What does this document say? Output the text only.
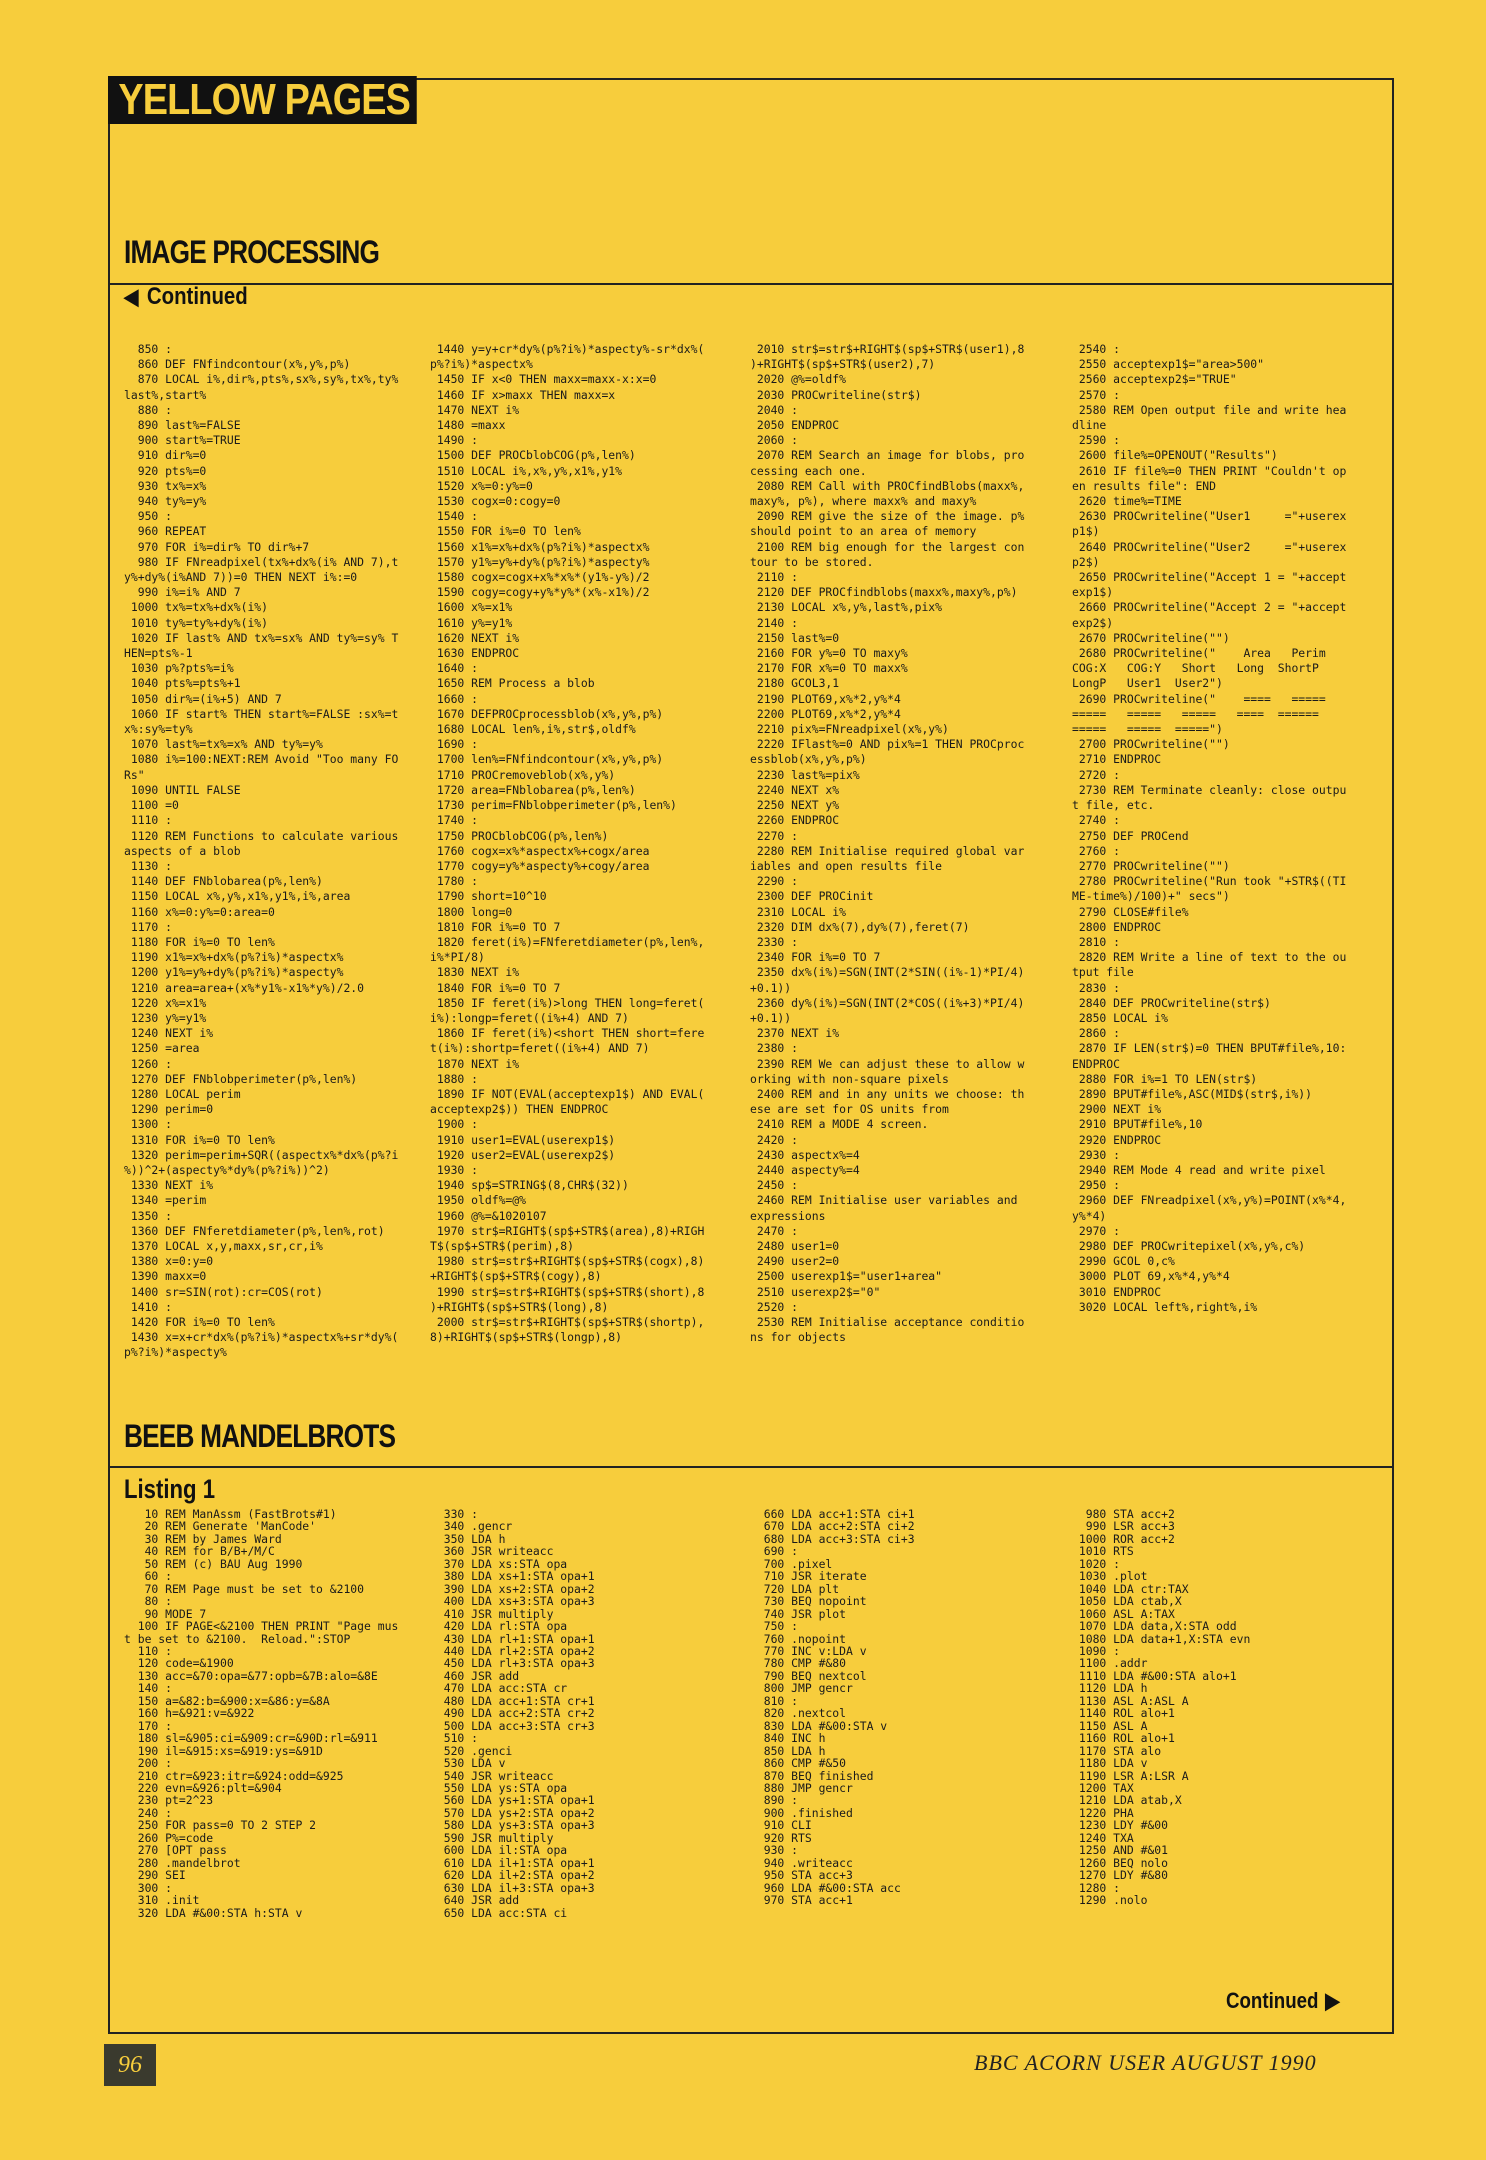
YELLOW PAGES
IMAGE PROCESSING
◀ Continued
850 :
860 DEF FNfindcontour(x%,y%,p%)
870 LOCAL i%,dir%,pts%,sx%,sy%,tx%,ty%
last%,start%
880 :
890 last%=FALSE
900 start%=TRUE
910 dir%=0
920 pts%=0
930 tx%=x%
940 ty%=y%
950 :
960 REPEAT
970 FOR i%=dir% TO dir%+7
980 IF FNreadpixel(tx%+dx%(i% AND 7),t
y%+dy%(i%AND 7))=0 THEN NEXT i%:=0
990 i%=i% AND 7
1000 tx%=tx%+dx%(i%)
1010 ty%=ty%+dy%(i%)
1020 IF last% AND tx%=sx% AND ty%=sy% T
HEN=pts%-1
1030 p%?pts%=i%
1040 pts%=pts%+1
1050 dir%=(i%+5) AND 7
1060 IF start% THEN start%=FALSE :sx%=t
x%:sy%=ty%
1070 last%=tx%=x% AND ty%=y%
1080 i%=100:NEXT:REM Avoid "Too many FO
Rs"
1090 UNTIL FALSE
1100 =0
1110 :
1120 REM Functions to calculate various
aspects of a blob
1130 :
1140 DEF FNblobarea(p%,len%)
1150 LOCAL x%,y%,x1%,y1%,i%,area
1160 x%=0:y%=0:area=0
1170 :
1180 FOR i%=0 TO len%
1190 x1%=x%+dx%(p%?i%)*aspectx%
1200 y1%=y%+dy%(p%?i%)*aspecty%
1210 area=area+(x%*y1%-x1%*y%)/2.0
1220 x%=x1%
1230 y%=y1%
1240 NEXT i%
1250 =area
1260 :
1270 DEF FNblobperimeter(p%,len%)
1280 LOCAL perim
1290 perim=0
1300 :
1310 FOR i%=0 TO len%
1320 perim=perim+SQR((aspectx%*dx%(p%?i
%))^2+(aspecty%*dy%(p%?i%))^2)
1330 NEXT i%
1340 =perim
1350 :
1360 DEF FNferetdiameter(p%,len%,rot)
1370 LOCAL x,y,maxx,sr,cr,i%
1380 x=0:y=0
1390 maxx=0
1400 sr=SIN(rot):cr=COS(rot)
1410 :
1420 FOR i%=0 TO len%
1430 x=x+cr*dx%(p%?i%)*aspectx%+sr*dy%(
p%?i%)*aspecty%
1440 y=y+cr*dy%(p%?i%)*aspecty%-sr*dx%(
p%?i%)*aspectx%
1450 IF x<0 THEN maxx=maxx-x:x=0
1460 IF x>maxx THEN maxx=x
1470 NEXT i%
1480 =maxx
1490 :
1500 DEF PROCblobCOG(p%,len%)
1510 LOCAL i%,x%,y%,x1%,y1%
1520 x%=0:y%=0
1530 cogx=0:cogy=0
1540 :
1550 FOR i%=0 TO len%
1560 x1%=x%+dx%(p%?i%)*aspectx%
1570 y1%=y%+dy%(p%?i%)*aspecty%
1580 cogx=cogx+x%*x%*(y1%-y%)/2
1590 cogy=cogy+y%*y%*(x%-x1%)/2
1600 x%=x1%
1610 y%=y1%
1620 NEXT i%
1630 ENDPROC
1640 :
1650 REM Process a blob
1660 :
1670 DEFPROCprocessblob(x%,y%,p%)
1680 LOCAL len%,i%,str$,oldf%
1690 :
1700 len%=FNfindcontour(x%,y%,p%)
1710 PROCremoveblob(x%,y%)
1720 area=FNblobarea(p%,len%)
1730 perim=FNblobperimeter(p%,len%)
1740 :
1750 PROCblobCOG(p%,len%)
1760 cogx=x%*aspectx%+cogx/area
1770 cogy=y%*aspecty%+cogy/area
1780 :
1790 short=10^10
1800 long=0
1810 FOR i%=0 TO 7
1820 feret(i%)=FNferetdiameter(p%,len%,
i%*PI/8)
1830 NEXT i%
1840 FOR i%=0 TO 7
1850 IF feret(i%)>long THEN long=feret(
i%):longp=feret((i%+4) AND 7)
1860 IF feret(i%)<short THEN short=fere
t(i%):shortp=feret((i%+4) AND 7)
1870 NEXT i%
1880 :
1890 IF NOT(EVAL(acceptexp1$) AND EVAL(
acceptexp2$)) THEN ENDPROC
1900 :
1910 user1=EVAL(userexp1$)
1920 user2=EVAL(userexp2$)
1930 :
1940 sp$=STRING$(8,CHR$(32))
1950 oldf%=@%
1960 @%=&1020107
1970 str$=RIGHT$(sp$+STR$(area),8)+RIGH
T$(sp$+STR$(perim),8)
1980 str$=str$+RIGHT$(sp$+STR$(cogx),8)
+RIGHT$(sp$+STR$(cogy),8)
1990 str$=str$+RIGHT$(sp$+STR$(short),8
)+RIGHT$(sp$+STR$(long),8)
2000 str$=str$+RIGHT$(sp$+STR$(shortp),
8)+RIGHT$(sp$+STR$(longp),8)
2010 str$=str$+RIGHT$(sp$+STR$(user1),8
)+RIGHT$(sp$+STR$(user2),7)
2020 @%=oldf%
2030 PROCwriteline(str$)
2040 :
2050 ENDPROC
2060 :
2070 REM Search an image for blobs, pro
cessing each one.
2080 REM Call with PROCfindBlobs(maxx%,
maxy%, p%), where maxx% and maxy%
2090 REM give the size of the image. p%
should point to an area of memory
2100 REM big enough for the largest con
tour to be stored.
2110 :
2120 DEF PROCfindblobs(maxx%,maxy%,p%)
2130 LOCAL x%,y%,last%,pix%
2140 :
2150 last%=0
2160 FOR y%=0 TO maxy%
2170 FOR x%=0 TO maxx%
2180 GCOL3,1
2190 PLOT69,x%*2,y%*4
2200 PLOT69,x%*2,y%*4
2210 pix%=FNreadpixel(x%,y%)
2220 IFlast%=0 AND pix%=1 THEN PROCproc
essblob(x%,y%,p%)
2230 last%=pix%
2240 NEXT x%
2250 NEXT y%
2260 ENDPROC
2270 :
2280 REM Initialise required global var
iables and open results file
2290 :
2300 DEF PROCinit
2310 LOCAL i%
2320 DIM dx%(7),dy%(7),feret(7)
2330 :
2340 FOR i%=0 TO 7
2350 dx%(i%)=SGN(INT(2*SIN((i%-1)*PI/4)
+0.1))
2360 dy%(i%)=SGN(INT(2*COS((i%+3)*PI/4)
+0.1))
2370 NEXT i%
2380 :
2390 REM We can adjust these to allow w
orking with non-square pixels
2400 REM and in any units we choose: th
ese are set for OS units from
2410 REM a MODE 4 screen.
2420 :
2430 aspectx%=4
2440 aspecty%=4
2450 :
2460 REM Initialise user variables and
expressions
2470 :
2480 user1=0
2490 user2=0
2500 userexp1$="user1+area"
2510 userexp2$="0"
2520 :
2530 REM Initialise acceptance conditio
ns for objects
2540 :
2550 acceptexp1$="area>500"
2560 acceptexp2$="TRUE"
2570 :
2580 REM Open output file and write hea
dline
2590 :
2600 file%=OPENOUT("Results")
2610 IF file%=0 THEN PRINT "Couldn't op
en results file": END
2620 time%=TIME
2630 PROCwriteline("User1     ="+userex
p1$)
2640 PROCwriteline("User2     ="+userex
p2$)
2650 PROCwriteline("Accept 1 = "+accept
exp1$)
2660 PROCwriteline("Accept 2 = "+accept
exp2$)
2670 PROCwriteline("")
2680 PROCwriteline("    Area   Perim
COG:X   COG:Y   Short   Long  ShortP
LongP   User1  User2")
2690 PROCwriteline("    ====   =====
=====   =====   =====   ====  ======
=====   =====  =====")
2700 PROCwriteline("")
2710 ENDPROC
2720 :
2730 REM Terminate cleanly: close outpu
t file, etc.
2740 :
2750 DEF PROCend
2760 :
2770 PROCwriteline("")
2780 PROCwriteline("Run took "+STR$((TI
ME-time%)/100)+" secs")
2790 CLOSE#file%
2800 ENDPROC
2810 :
2820 REM Write a line of text to the ou
tput file
2830 :
2840 DEF PROCwriteline(str$)
2850 LOCAL i%
2860 :
2870 IF LEN(str$)=0 THEN BPUT#file%,10:
ENDPROC
2880 FOR i%=1 TO LEN(str$)
2890 BPUT#file%,ASC(MID$(str$,i%))
2900 NEXT i%
2910 BPUT#file%,10
2920 ENDPROC
2930 :
2940 REM Mode 4 read and write pixel
2950 :
2960 DEF FNreadpixel(x%,y%)=POINT(x%*4,
y%*4)
2970 :
2980 DEF PROCwritepixel(x%,y%,c%)
2990 GCOL 0,c%
3000 PLOT 69,x%*4,y%*4
3010 ENDPROC
3020 LOCAL left%,right%,i%
BEEB MANDELBROTS
Listing 1
10 REM ManAssm (FastBrots#1)
20 REM Generate 'ManCode'
30 REM by James Ward
40 REM for B/B+/M/C
50 REM (c) BAU Aug 1990
60 :
70 REM Page must be set to &2100
80 :
90 MODE 7
100 IF PAGE<&2100 THEN PRINT "Page mus
t be set to &2100.  Reload.":STOP
110 :
120 code=&1900
130 acc=&70:opa=&77:opb=&7B:alo=&8E
140 :
150 a=&82:b=&900:x=&86:y=&8A
160 h=&921:v=&922
170 :
180 sl=&905:ci=&909:cr=&90D:rl=&911
190 il=&915:xs=&919:ys=&91D
200 :
210 ctr=&923:itr=&924:odd=&925
220 evn=&926:plt=&904
230 pt=2^23
240 :
250 FOR pass=0 TO 2 STEP 2
260 P%=code
270 [OPT pass
280 .mandelbrot
290 SEI
300 :
310 .init
320 LDA #&00:STA h:STA v
330 :
340 .gencr
350 LDA h
360 JSR writeacc
370 LDA xs:STA opa
380 LDA xs+1:STA opa+1
390 LDA xs+2:STA opa+2
400 LDA xs+3:STA opa+3
410 JSR multiply
420 LDA rl:STA opa
430 LDA rl+1:STA opa+1
440 LDA rl+2:STA opa+2
450 LDA rl+3:STA opa+3
460 JSR add
470 LDA acc:STA cr
480 LDA acc+1:STA cr+1
490 LDA acc+2:STA cr+2
500 LDA acc+3:STA cr+3
510 :
520 .genci
530 LDA v
540 JSR writeacc
550 LDA ys:STA opa
560 LDA ys+1:STA opa+1
570 LDA ys+2:STA opa+2
580 LDA ys+3:STA opa+3
590 JSR multiply
600 LDA il:STA opa
610 LDA il+1:STA opa+1
620 LDA il+2:STA opa+2
630 LDA il+3:STA opa+3
640 JSR add
650 LDA acc:STA ci
660 LDA acc+1:STA ci+1
670 LDA acc+2:STA ci+2
680 LDA acc+3:STA ci+3
690 :
700 .pixel
710 JSR iterate
720 LDA plt
730 BEQ nopoint
740 JSR plot
750 :
760 .nopoint
770 INC v:LDA v
780 CMP #&80
790 BEQ nextcol
800 JMP gencr
810 :
820 .nextcol
830 LDA #&00:STA v
840 INC h
850 LDA h
860 CMP #&50
870 BEQ finished
880 JMP gencr
890 :
900 .finished
910 CLI
920 RTS
930 :
940 .writeacc
950 STA acc+3
960 LDA #&00:STA acc
970 STA acc+1
980 STA acc+2
990 LSR acc+3
1000 ROR acc+2
1010 RTS
1020 :
1030 .plot
1040 LDA ctr:TAX
1050 LDA ctab,X
1060 ASL A:TAX
1070 LDA data,X:STA odd
1080 LDA data+1,X:STA evn
1090 :
1100 .addr
1110 LDA #&00:STA alo+1
1120 LDA h
1130 ASL A:ASL A
1140 ROL alo+1
1150 ASL A
1160 ROL alo+1
1170 STA alo
1180 LDA v
1190 LSR A:LSR A
1200 TAX
1210 LDA atab,X
1220 PHA
1230 LDY #&00
1240 TXA
1250 AND #&01
1260 BEQ nolo
1270 LDY #&80
1280 :
1290 .nolo
Continued ▶
96	BBC ACORN USER AUGUST 1990
